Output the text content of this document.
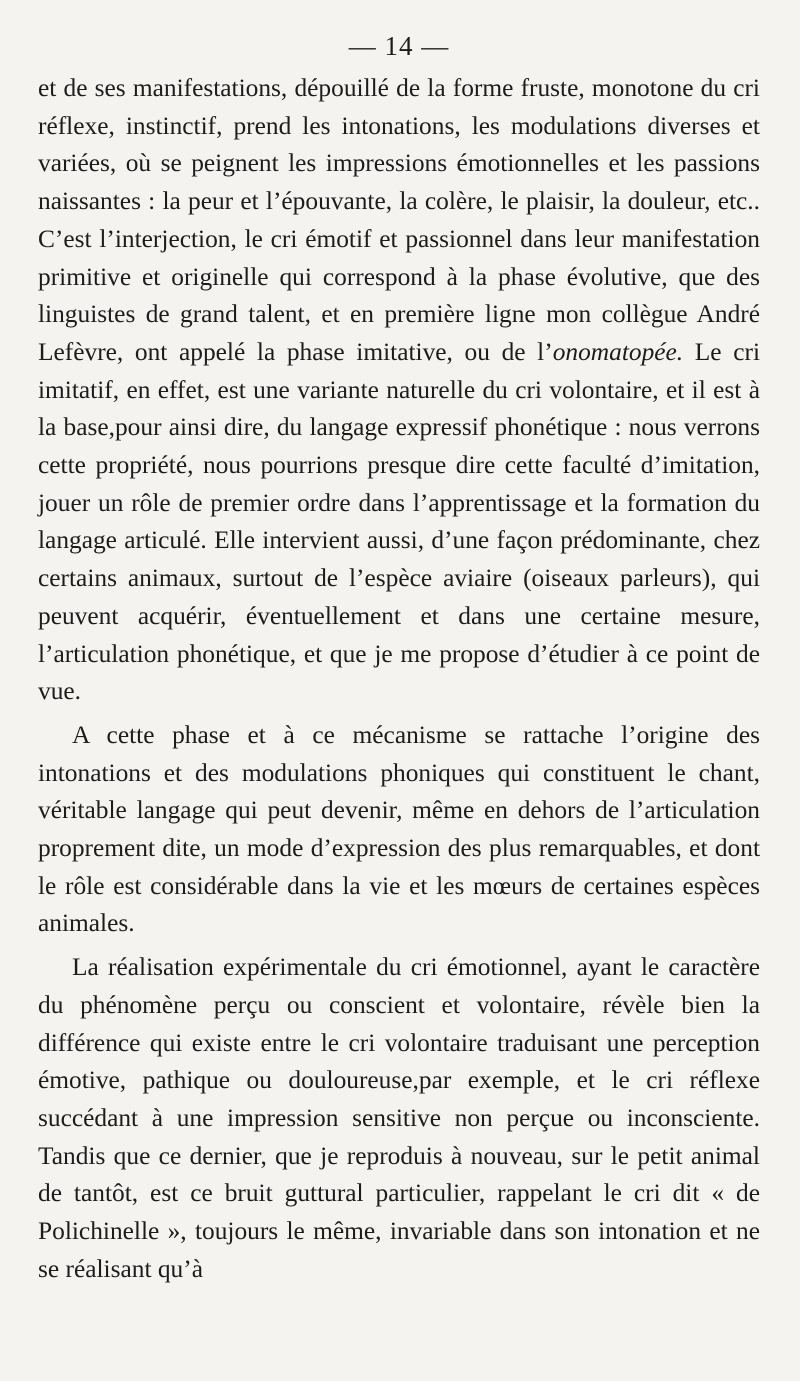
— 14 —

et de ses manifestations, dépouillé de la forme fruste, monotone du cri réflexe, instinctif, prend les intonations, les modulations diverses et variées, où se peignent les impressions émotionnelles et les passions naissantes : la peur et l’épouvante, la colère, le plaisir, la douleur, etc.. C’est l’interjection, le cri émotif et passionnel dans leur manifestation primitive et originelle qui correspond à la phase évolutive, que des linguistes de grand talent, et en première ligne mon collègue André Lefèvre, ont appelé la phase imitative, ou de l’onomatopée. Le cri imitatif, en effet, est une variante naturelle du cri volontaire, et il est à la base,pour ainsi dire, du langage expressif phonétique : nous verrons cette propriété, nous pourrions presque dire cette faculté d’imitation, jouer un rôle de premier ordre dans l’apprentissage et la formation du langage articulé. Elle intervient aussi, d’une façon prédominante, chez certains animaux, surtout de l’espèce aviaire (oiseaux parleurs), qui peuvent acquérir, éventuellement et dans une certaine mesure, l’articulation phonétique, et que je me propose d’étudier à ce point de vue.

A cette phase et à ce mécanisme se rattache l’origine des intonations et des modulations phoniques qui constituent le chant, véritable langage qui peut devenir, même en dehors de l’articulation proprement dite, un mode d’expression des plus remarquables, et dont le rôle est considérable dans la vie et les mœurs de certaines espèces animales.

La réalisation expérimentale du cri émotionnel, ayant le caractère du phénomène perçu ou conscient et volontaire, révèle bien la différence qui existe entre le cri volontaire traduisant une perception émotive, pathique ou douloureuse,par exemple, et le cri réflexe succédant à une impression sensitive non perçue ou inconsciente. Tandis que ce dernier, que je reproduis à nouveau, sur le petit animal de tantôt, est ce bruit guttural particulier, rappelant le cri dit « de Polichinelle », toujours le même, invariable dans son intonation et ne se réalisant qu’à
